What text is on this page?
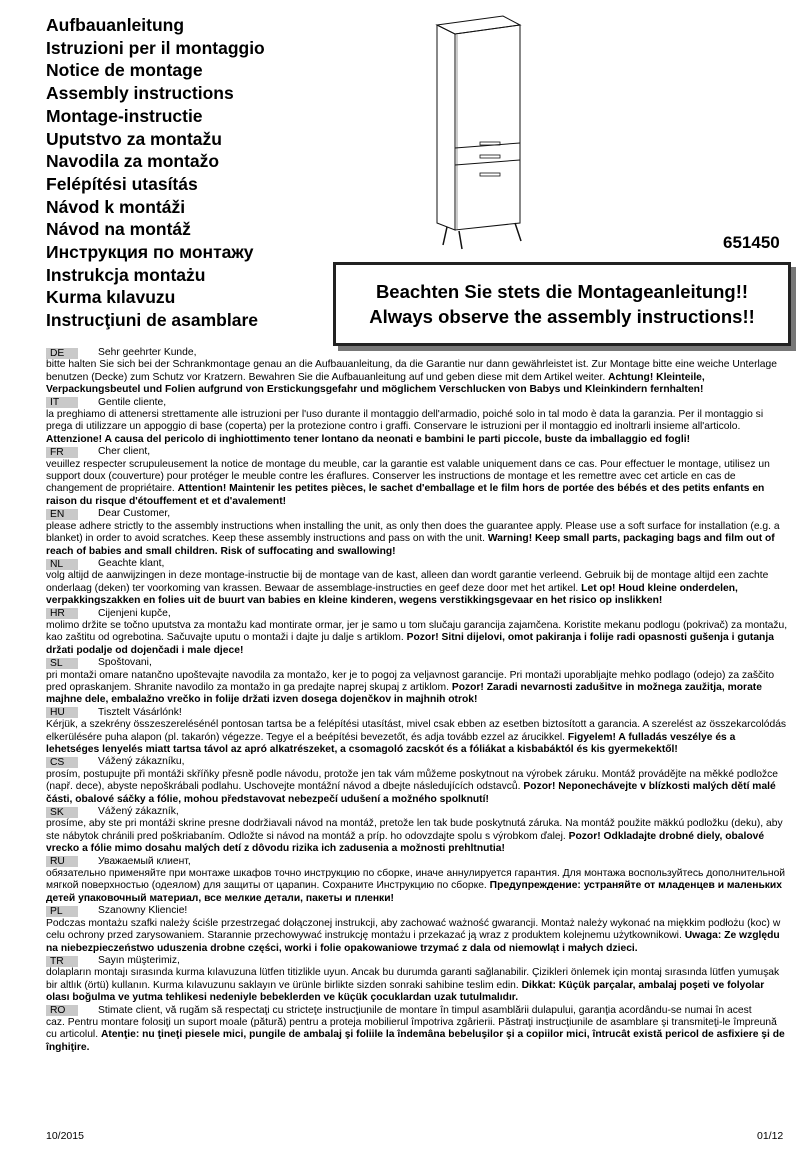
Aufbauanleitung
Istruzioni per il montaggio
Notice de montage
Assembly instructions
Montage-instructie
Uputstvo za montažu
Navodila za montažo
Felépítési utasítás
Návod k montáži
Návod na montáž
Инструкция по монтажу
Instrukcja montażu
Kurma kılavuzu
Instrucţiuni de asamblare
651450
Beachten Sie stets die Montageanleitung!!
Always observe the assembly instructions!!
DE	Sehr geehrter Kunde,
bitte halten Sie sich bei der Schrankmontage genau an die Aufbauanleitung, da die Garantie nur dann gewährleistet ist. Zur Montage bitte eine weiche Unterlage benutzen (Decke) zum Schutz vor Kratzern. Bewahren Sie die Aufbauanleitung auf und geben diese mit dem Artikel weiter. Achtung! Kleinteile, Verpackungsbeutel und Folien aufgrund von Erstickungsgefahr und möglichem Verschlucken von Babys und Kleinkindern fernhalten!
IT	Gentile cliente,
la preghiamo di attenersi strettamente alle istruzioni per l'uso durante il montaggio dell'armadio, poiché solo in tal modo è data la garanzia. Per il montaggio si prega di utilizzare un appoggio di base (coperta) per la protezione contro i graffi. Conservare le istruzioni per il montaggio ed inoltrarli insieme all'articolo. Attenzione! A causa del pericolo di inghiottimento tener lontano da neonati e bambini le parti piccole, buste da imballaggio ed fogli!
FR	Cher client,
veuillez respecter scrupuleusement la notice de montage du meuble, car la garantie est valable uniquement dans ce cas. Pour effectuer le montage, utilisez un support doux (couverture) pour protéger le meuble contre les éraflures. Conserver les instructions de montage et les remettre avec cet article en cas de changement de propriétaire. Attention! Maintenir les petites pièces, le sachet d'emballage et le film hors de portée des bébés et des petits enfants en raison du risque d'étouffement et et d'avalement!
EN	Dear Customer,
please adhere strictly to the assembly instructions when installing the unit, as only then does the guarantee apply. Please use a soft surface for installation (e.g. a blanket) in order to avoid scratches. Keep these assembly instructions and pass on with the unit. Warning! Keep small parts, packaging bags and film out of reach of babies and small children. Risk of suffocating and swallowing!
NL	Geachte klant,
volg altijd de aanwijzingen in deze montage-instructie bij de montage van de kast, alleen dan wordt garantie verleend. Gebruik bij de montage altijd een zachte onderlaag (deken) ter voorkoming van krassen. Bewaar de assemblage-instructies en geef deze door met het artikel. Let op! Houd kleine onderdelen, verpakkingszakken en folies uit de buurt van babies en kleine kinderen, wegens verstikkingsgevaar en het risico op inslikken!
HR	Cijenjeni kupče,
molimo držite se točno uputstva za montažu kad montirate ormar, jer je samo u tom slučaju garancija zajamčena. Koristite mekanu podlogu (pokrivač) za montažu, kao zaštitu od ogrebotina. Sačuvajte uputu o montaži i dajte ju dalje s artiklom. Pozor! Sitni dijelovi, omot pakiranja i folije radi opasnosti gušenja i gutanja držati podalje od dojenčadi i male djece!
SL	Spoštovani,
pri montaži omare natančno upoštevajte navodila za montažo, ker je to pogoj za veljavnost garancije. Pri montaži uporabljajte mehko podlago (odejo) za zaščito pred opraskanjem. Shranite navodilo za montažo in ga predajte naprej skupaj z artiklom. Pozor! Zaradi nevarnosti zadušitve in možnega zaužitja, morate majhne dele, embalažno vrečko in folije držati izven dosega dojenčkov in majhnih otrok!
HU	Tisztelt Vásárlónk!
Kérjük, a szekrény összeszerelésénél pontosan tartsa be a felépítési utasítást, mivel csak ebben az esetben biztosított a garancia. A szerelést az összekarcolódás elkerülésére puha alapon (pl. takarón) végezze. Tegye el a beépítési bevezetőt, és adja tovább ezzel az árucikkel. Figyelem! A fulladás veszélye és a lehetséges lenyelés miatt tartsa távol az apró alkatrészeket, a csomagoló zacskót és a fóliákat a kisbabáktól és kis gyermekektől!
CS	Vážený zákazníku,
prosím, postupujte při montáži skříňky přesně podle návodu, protože jen tak vám můžeme poskytnout na výrobek záruku. Montáž provádějte na měkké podložce (např. dece), abyste nepoškrábali podlahu. Uschovejte montážní návod a dbejte následujících odstavců. Pozor! Neponechávejte v blízkosti malých dětí malé části, obalové sáčky a fólie, mohou představovat nebezpečí udušení a možného spolknutí!
SK	Vážený zákazník,
prosíme, aby ste pri montáži skrine presne dodržiavali návod na montáž, pretože len tak bude poskytnutá záruka. Na montáž použite mäkkú podložku (deku), aby ste nábytok chránili pred poškriabaním. Odložte si návod na montáž a príp. ho odovzdajte spolu s výrobkom ďalej. Pozor! Odkladajte drobné diely, obalové vrecko a fólie mimo dosahu malých detí z dôvodu rizika ich zadusenia a možnosti prehltnutia!
RU	Уважаемый клиент,
обязательно применяйте при монтаже шкафов точно инструкцию по сборке, иначе аннулируется гарантия. Для монтажа воспользуйтесь дополнительной мягкой поверхностью (одеялом) для защиты от царапин. Сохраните Инструкцию по сборке. Предупреждение: устраняйте от младенцев и маленьких детей упаковочный материал, все мелкие детали, пакеты и пленки!
PL	Szanowny Kliencie!
Podczas montażu szafki należy ściśle przestrzegać dołączonej instrukcji, aby zachować ważność gwarancji. Montaż należy wykonać na miękkim podłożu (koc) w celu ochrony przed zarysowaniem. Starannie przechowywać instrukcję montażu i przekazać ją wraz z produktem kolejnemu użytkownikowi. Uwaga: Ze względu na niebezpieczeństwo uduszenia drobne części, worki i folie opakowaniowe trzymać z dala od niemowląt i małych dzieci.
TR	Sayın müşterimiz,
dolapların montajı sırasında kurma kılavuzuna lütfen titizlikle uyun. Ancak bu durumda garanti sağlanabilir. Çizikleri önlemek için montaj sırasında lütfen yumuşak bir altlık (örtü) kullanın. Kurma kılavuzunu saklayın ve ürünle birlikte sizden sonraki sahibine teslim edin. Dikkat: Küçük parçalar, ambalaj poşeti ve folyolar olası boğulma ve yutma tehlikesi nedeniyle bebeklerden ve küçük çocuklardan uzak tutulmalıdır.
RO	Stimate client, vă rugăm să respectaţi cu stricteţe instrucţiunile de montare în timpul asamblării dulapului, garanţia acordându-se numai în acest
caz. Pentru montare folosiţi un suport moale (pătură) pentru a proteja mobilierul împotriva zgârierii. Păstraţi instrucţiunile de asamblare şi transmiteţi-le împreună cu articolul. Atenţie: nu ţineţi piesele mici, pungile de ambalaj şi foliile la îndemâna bebeluşilor şi a copiilor mici, întrucât există pericol de asfixiere şi de înghiţire.
10/2015	01/12
